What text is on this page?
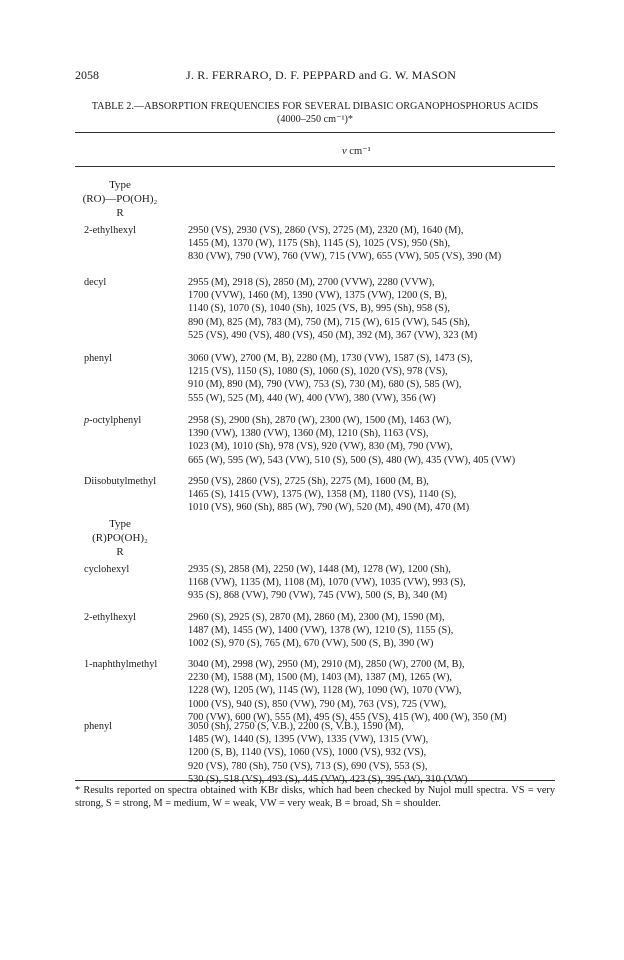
2058	J. R. FERRARO, D. F. PEPPARD and G. W. MASON
TABLE 2.—ABSORPTION FREQUENCIES FOR SEVERAL DIBASIC ORGANOPHOSPHORUS ACIDS
(4000–250 cm⁻¹)*
ν cm⁻¹
Type
(RO)—PO(OH)₂
R
2-ethylhexyl	2950 (VS), 2930 (VS), 2860 (VS), 2725 (M), 2320 (M), 1640 (M),
1455 (M), 1370 (W), 1175 (Sh), 1145 (S), 1025 (VS), 950 (Sh),
830 (VW), 790 (VW), 760 (VW), 715 (VW), 655 (VW), 505 (VS), 390 (M)
decyl	2955 (M), 2918 (S), 2850 (M), 2700 (VVW), 2280 (VVW),
1700 (VVW), 1460 (M), 1390 (VW), 1375 (VW), 1200 (S, B),
1140 (S), 1070 (S), 1040 (Sh), 1025 (VS, B), 995 (Sh), 958 (S),
890 (M), 825 (M), 783 (M), 750 (M), 715 (W), 615 (VW), 545 (Sh),
525 (VS), 490 (VS), 480 (VS), 450 (M), 392 (M), 367 (VW), 323 (M)
phenyl	3060 (VW), 2700 (M, B), 2280 (M), 1730 (VW), 1587 (S), 1473 (S),
1215 (VS), 1150 (S), 1080 (S), 1060 (S), 1020 (VS), 978 (VS),
910 (M), 890 (M), 790 (VW), 753 (S), 730 (M), 680 (S), 585 (W),
555 (W), 525 (M), 440 (W), 400 (VW), 380 (VW), 356 (W)
p-octylphenyl	2958 (S), 2900 (Sh), 2870 (W), 2300 (W), 1500 (M), 1463 (W),
1390 (VW), 1380 (VW), 1360 (M), 1210 (Sh), 1163 (VS),
1023 (M), 1010 (Sh), 978 (VS), 920 (VW), 830 (M), 790 (VW),
665 (W), 595 (W), 543 (VW), 510 (S), 500 (S), 480 (W), 435 (VW), 405 (VW)
Diisobutylmethyl	2950 (VS), 2860 (VS), 2725 (Sh), 2275 (M), 1600 (M, B),
1465 (S), 1415 (VW), 1375 (W), 1358 (M), 1180 (VS), 1140 (S),
1010 (VS), 960 (Sh), 885 (W), 790 (W), 520 (M), 490 (M), 470 (M)
Type
(R)PO(OH)₂
R
cyclohexyl	2935 (S), 2858 (M), 2250 (W), 1448 (M), 1278 (W), 1200 (Sh),
1168 (VW), 1135 (M), 1108 (M), 1070 (VW), 1035 (VW), 993 (S),
935 (S), 868 (VW), 790 (VW), 745 (VW), 500 (S, B), 340 (M)
2-ethylhexyl	2960 (S), 2925 (S), 2870 (M), 2860 (M), 2300 (M), 1590 (M),
1487 (M), 1455 (W), 1400 (VW), 1378 (W), 1210 (S), 1155 (S),
1002 (S), 970 (S), 765 (M), 670 (VW), 500 (S, B), 390 (W)
1-naphthylmethyl	3040 (M), 2998 (W), 2950 (M), 2910 (M), 2850 (W), 2700 (M, B),
2230 (M), 1588 (M), 1500 (M), 1403 (M), 1387 (M), 1265 (W),
1228 (W), 1205 (W), 1145 (W), 1128 (W), 1090 (W), 1070 (VW),
1000 (VS), 940 (S), 850 (VW), 790 (M), 763 (VS), 725 (VW),
700 (VW), 600 (W), 555 (M), 495 (S), 455 (VS), 415 (W), 400 (W), 350 (M)
phenyl	3050 (Sh), 2750 (S, V.B.), 2200 (S, V.B.), 1590 (M),
1485 (W), 1440 (S), 1395 (VW), 1335 (VW), 1315 (VW),
1200 (S, B), 1140 (VS), 1060 (VS), 1000 (VS), 932 (VS),
920 (VS), 780 (Sh), 750 (VS), 713 (S), 690 (VS), 553 (S),
530 (S), 518 (VS), 493 (S), 445 (VW), 423 (S), 395 (W), 310 (VW)
* Results reported on spectra obtained with KBr disks, which had been checked by Nujol mull spectra. VS = very strong, S = strong, M = medium, W = weak, VW = very weak, B = broad, Sh = shoulder.
